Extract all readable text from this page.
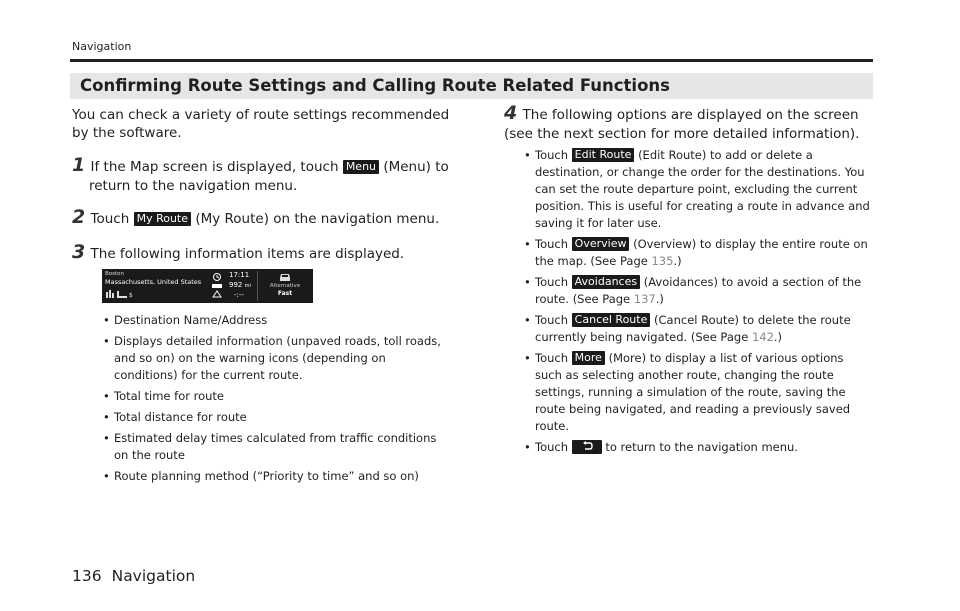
Navigation
Confirming Route Settings and Calling Route Related Functions
You can check a variety of route settings recommended by the software.
1 If the Map screen is displayed, touch Menu (Menu) to
return to the navigation menu.
2 Touch My Route (My Route) on the navigation menu.
3 The following information items are displayed.
Boston
Massachusetts, United States
$
17:11
992 mi
-:--
Alternative
Fast
• Destination Name/Address
• Displays detailed information (unpaved roads, toll roads, and so on) on the warning icons (depending on conditions) for the current route.
• Total time for route
• Total distance for route
• Estimated delay times calculated from traffic conditions on the route
• Route planning method (“Priority to time” and so on)
4 The following options are displayed on the screen (see the next section for more detailed information).
• Touch Edit Route (Edit Route) to add or delete a destination, or change the order for the destinations. You can set the route departure point, excluding the current position. This is useful for creating a route in advance and saving it for later use.
• Touch Overview (Overview) to display the entire route on the map. (See Page 135.)
• Touch Avoidances (Avoidances) to avoid a section of the route. (See Page 137.)
• Touch Cancel Route (Cancel Route) to delete the route currently being navigated. (See Page 142.)
• Touch More (More) to display a list of various options such as selecting another route, changing the route settings, running a simulation of the route, saving the route being navigated, and reading a previously saved route.
• Touch	to return to the navigation menu.
136 Navigation
